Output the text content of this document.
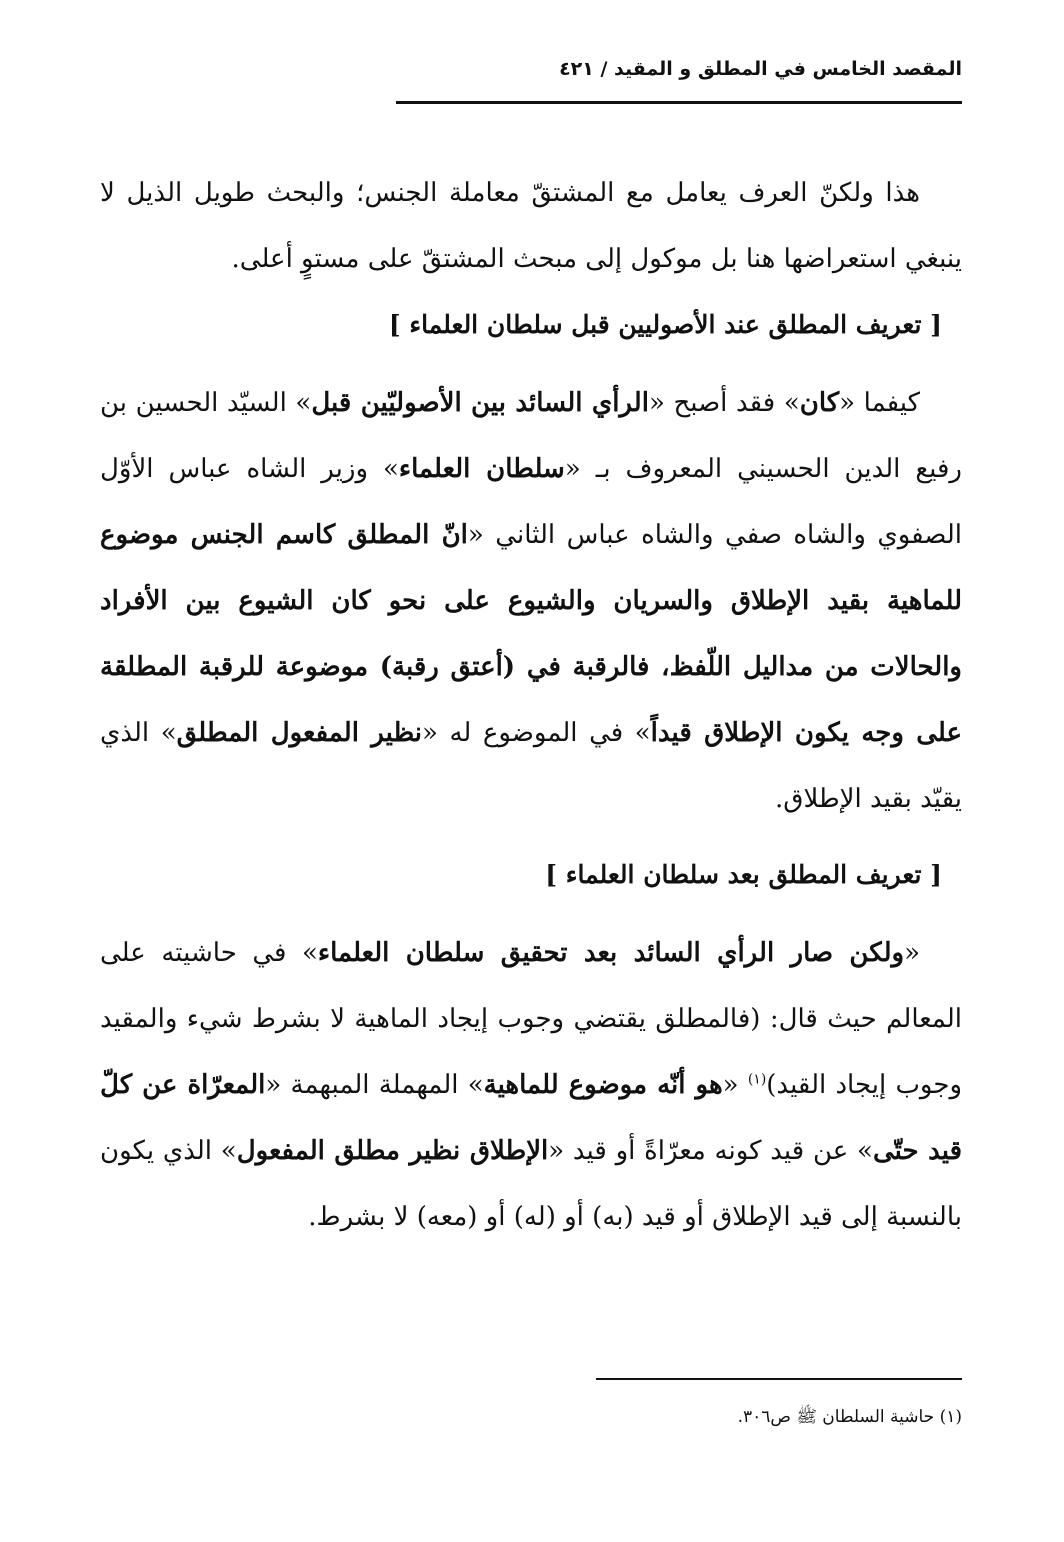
المقصد الخامس في المطلق و المقيد / ٤٢١

هذا ولكنّ العرف يعامل مع المشتقّ معاملة الجنس؛ والبحث طويل الذيل لا ينبغي استعراضها هنا بل موكول إلى مبحث المشتقّ على مستوٍ أعلى.

[ تعريف المطلق عند الأصوليين قبل سلطان العلماء ]

كيفما «كان» فقد أصبح «الرأي السائد بين الأصوليّين قبل» السيّد الحسين بن رفيع الدين الحسيني المعروف بـ «سلطان العلماء» وزير الشاه عباس الأوّل الصفوي والشاه صفي والشاه عباس الثاني «انّ المطلق كاسم الجنس موضوع للماهية بقيد الإطلاق والسريان والشيوع على نحو كان الشيوع بين الأفراد والحالات من مداليل اللّفظ، فالرقبة في (أعتق رقبة) موضوعة للرقبة المطلقة على وجه يكون الإطلاق قيداً» في الموضوع له «نظير المفعول المطلق» الذي يقيّد بقيد الإطلاق.

[ تعريف المطلق بعد سلطان العلماء ]

«ولكن صار الرأي السائد بعد تحقيق سلطان العلماء» في حاشيته على المعالم حيث قال: (فالمطلق يقتضي وجوب إيجاد الماهية لا بشرط شيء والمقيد وجوب إيجاد القيد)$^{(١)}$ «هو أنّه موضوع للماهية» المهملة المبهمة «المعرّاة عن كلّ قيد حتّى» عن قيد كونه معرّاةً أو قيد «الإطلاق نظير مطلق المفعول» الذي يكون بالنسبة إلى قيد الإطلاق أو قيد (به) أو (له) أو (معه) لا بشرط.

(١) حاشية السلطان ﷺ ص٣٠٦.
